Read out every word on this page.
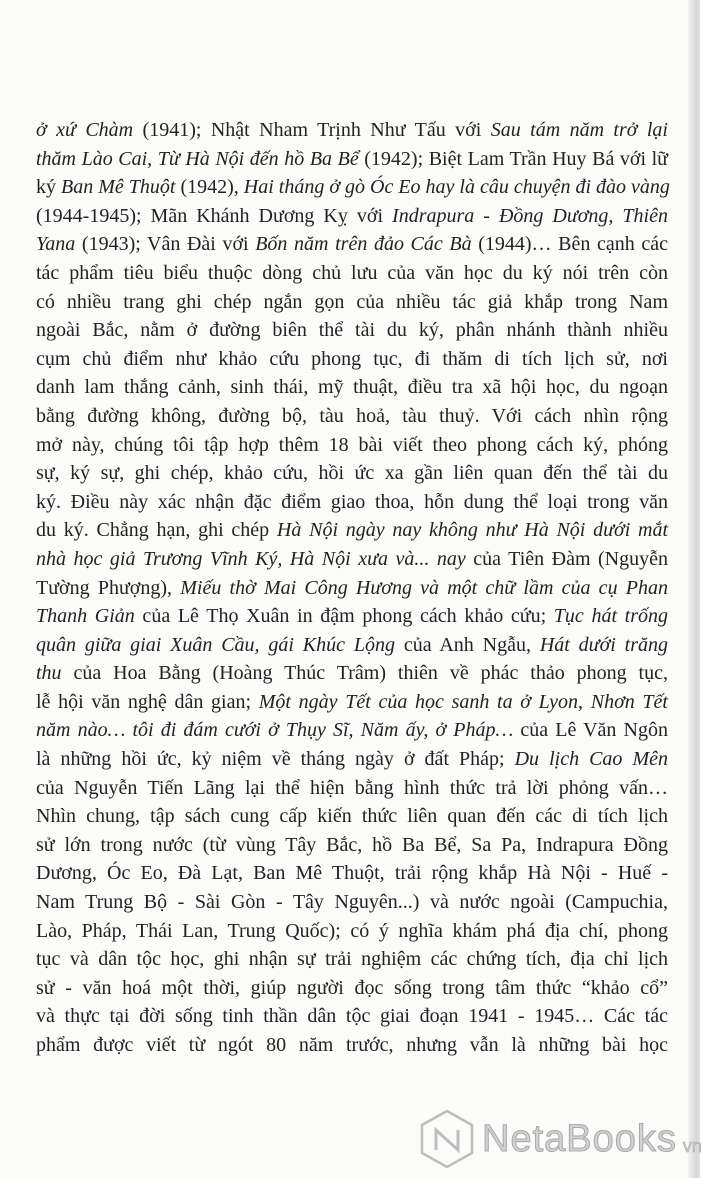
ở xứ Chàm (1941); Nhật Nham Trịnh Như Tấu với Sau tám năm trở lại
thăm Lào Cai, Từ Hà Nội đến hồ Ba Bể (1942); Biệt Lam Trần Huy Bá với lữ
ký Ban Mê Thuột (1942), Hai tháng ở gò Óc Eo hay là câu chuyện đi đào vàng
(1944-1945); Mãn Khánh Dương Kỵ với Indrapura - Đồng Dương, Thiên
Yana (1943); Vân Đài với Bốn năm trên đảo Các Bà (1944)… Bên cạnh các
tác phẩm tiêu biểu thuộc dòng chủ lưu của văn học du ký nói trên còn
có nhiều trang ghi chép ngắn gọn của nhiều tác giả khắp trong Nam
ngoài Bắc, nằm ở đường biên thể tài du ký, phân nhánh thành nhiều
cụm chủ điểm như khảo cứu phong tục, đi thăm di tích lịch sử, nơi
danh lam thắng cảnh, sinh thái, mỹ thuật, điều tra xã hội học, du ngoạn
bằng đường không, đường bộ, tàu hoả, tàu thuỷ. Với cách nhìn rộng
mở này, chúng tôi tập hợp thêm 18 bài viết theo phong cách ký, phóng
sự, ký sự, ghi chép, khảo cứu, hồi ức xa gần liên quan đến thể tài du
ký. Điều này xác nhận đặc điểm giao thoa, hỗn dung thể loại trong văn
du ký. Chẳng hạn, ghi chép Hà Nội ngày nay không như Hà Nội dưới mắt
nhà học giả Trương Vĩnh Ký, Hà Nội xưa và... nay của Tiên Đàm (Nguyễn
Tường Phượng), Miếu thờ Mai Công Hương và một chữ lầm của cụ Phan
Thanh Giản của Lê Thọ Xuân in đậm phong cách khảo cứu; Tục hát trống
quân giữa giai Xuân Cầu, gái Khúc Lộng của Anh Ngẫu, Hát dưới trăng
thu của Hoa Bằng (Hoàng Thúc Trâm) thiên về phác thảo phong tục,
lễ hội văn nghệ dân gian; Một ngày Tết của học sanh ta ở Lyon, Nhơn Tết
năm nào… tôi đi đám cưới ở Thụy Sĩ, Năm ấy, ở Pháp… của Lê Văn Ngôn
là những hồi ức, kỷ niệm về tháng ngày ở đất Pháp; Du lịch Cao Mên
của Nguyễn Tiến Lãng lại thể hiện bằng hình thức trả lời phỏng vấn…
Nhìn chung, tập sách cung cấp kiến thức liên quan đến các di tích lịch
sử lớn trong nước (từ vùng Tây Bắc, hồ Ba Bể, Sa Pa, Indrapura Đồng
Dương, Óc Eo, Đà Lạt, Ban Mê Thuột, trải rộng khắp Hà Nội - Huế -
Nam Trung Bộ - Sài Gòn - Tây Nguyên...) và nước ngoài (Campuchia,
Lào, Pháp, Thái Lan, Trung Quốc); có ý nghĩa khám phá địa chí, phong
tục và dân tộc học, ghi nhận sự trải nghiệm các chứng tích, địa chỉ lịch
sử - văn hoá một thời, giúp người đọc sống trong tâm thức “khảo cổ”
và thực tại đời sống tinh thần dân tộc giai đoạn 1941 - 1945… Các tác
phẩm được viết từ ngót 80 năm trước, nhưng vẫn là những bài học
NetaBooks vn
